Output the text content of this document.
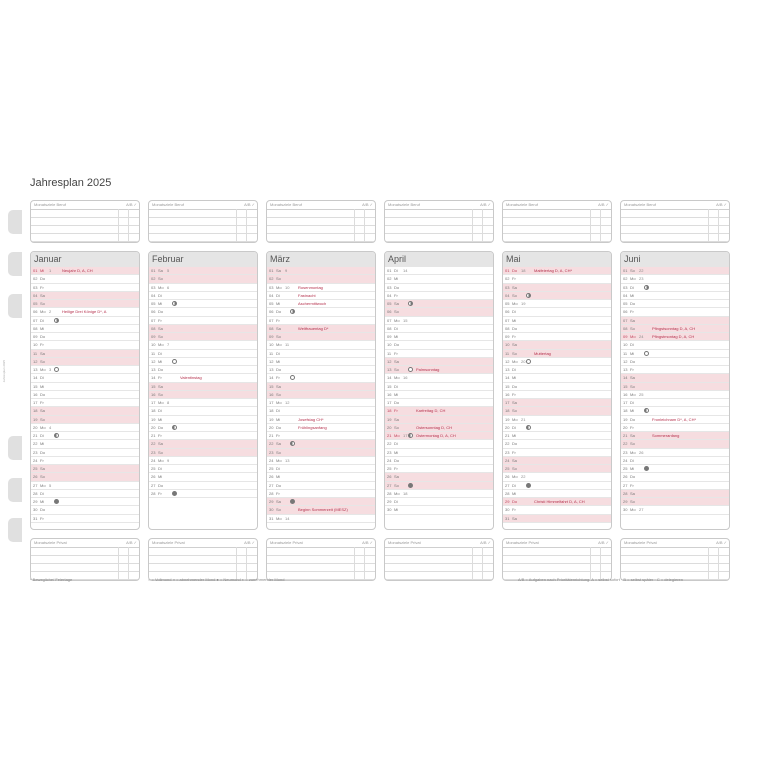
Jahresplan 2025
Jahresplan 2025
Monatsziele Beruf	A/B ✓	Monatsziele Beruf	A/B ✓	Monatsziele Beruf	A/B ✓	Monatsziele Beruf	A/B ✓	Monatsziele Beruf	A/B ✓	Monatsziele Beruf	A/B ✓
Januar
01 Mi	1	Neujahr D, A, CH
02 Do
03 Fr
04 Sa
05 So
06 Mo 2	Heilige Drei Könige D*, A
07 Di
08 Mi
09 Do
10 Fr
11 Sa
12 So
13 Mo 3
14 Di
15 Mi
16 Do
17 Fr
18 Sa
19 So
20 Mo 4
21 Di
22 Mi
23 Do
24 Fr
25 Sa
26 So
27 Mo 5
28 Di
29 Mi
30 Do
31 Fr
Februar
01 Sa	5
02 So
03 Mo 6
04 Di
05 Mi
06 Do
07 Fr
08 Sa
09 So
10 Mo 7
11 Di
12 Mi
13 Do
14 Fr	Valentinstag
15 Sa
16 So
17 Mo 8
18 Di
19 Mi
20 Do
21 Fr
22 Sa
23 So
24 Mo 9
25 Di
26 Mi
27 Do
28 Fr
März
01 Sa	9
02 So
03 Mo 10	Rosenmontag
04 Di	Fastnacht
05 Mi	Aschermittwoch
06 Do
07 Fr
08 Sa	Weltfrauentag D*
09 So
10 Mo 11
11 Di
12 Mi
13 Do
14 Fr
15 Sa
16 So
17 Mo 12
18 Di
19 Mi	Josefstag CH*
20 Do	Frühlingsanfang
21 Fr
22 Sa
23 So
24 Mo 13
25 Di
26 Mi
27 Do
28 Fr
29 Sa
30 So	Beginn Sommerzeit (MESZ)
31 Mo 14
April
01 Di	14
02 Mi
03 Do
04 Fr
05 Sa
06 So
07 Mo 15
08 Di
09 Mi
10 Do
11 Fr
12 Sa
13 So	Palmsonntag
14 Mo 16
15 Di
16 Mi
17 Do
18 Fr	Karfreitag D, CH
19 Sa
20 So	Ostersonntag D, CH
21 Mo 17	Ostermontag D, A, CH
22 Di
23 Mi
24 Do
25 Fr
26 Sa
27 So
28 Mo 18
29 Di
30 Mi
Mai
01 Do 18	Maifeiertag D, A, CH*
02 Fr
03 Sa
04 So
05 Mo 19
06 Di
07 Mi
08 Do
09 Fr
10 Sa
11 So	Muttertag
12 Mo 20
13 Di
14 Mi
15 Do
16 Fr
17 Sa
18 So
19 Mo 21
20 Di
21 Mi
22 Do
23 Fr
24 Sa
25 So
26 Mo 22
27 Di
28 Mi
29 Do	Christi Himmelfahrt D, A, CH
30 Fr
31 Sa
Juni
01 So	22
02 Mo 23
03 Di
04 Mi
05 Do
06 Fr
07 Sa
08 So	Pfingstsonntag D, A, CH
09 Mo 24	Pfingstmontag D, A, CH
10 Di
11 Mi
12 Do
13 Fr
14 Sa
15 So
16 Mo 25
17 Di
18 Mi
19 Do	Fronleichnam D*, A, CH*
20 Fr
21 Sa	Sommeranfang
22 So
23 Mo 26
24 Di
25 Mi
26 Do
27 Fr
28 Sa
29 So
30 Mo 27
Monatsziele Privat	A/B ✓	Monatsziele Privat	A/B ✓	Monatsziele Privat	A/B ✓	Monatsziele Privat	A/B ✓	Monatsziele Privat	A/B ✓	Monatsziele Privat	A/B ✓
* Bewegliche/ Feiertage	○ = Vollmond ◑ = abnehmender Mond ● = Neumond ◐ = zunehmender Mond	A/B = Aufgaben nach Prioritätenrichtung: A = selbst sofort · B = selbst später · C = delegieren
